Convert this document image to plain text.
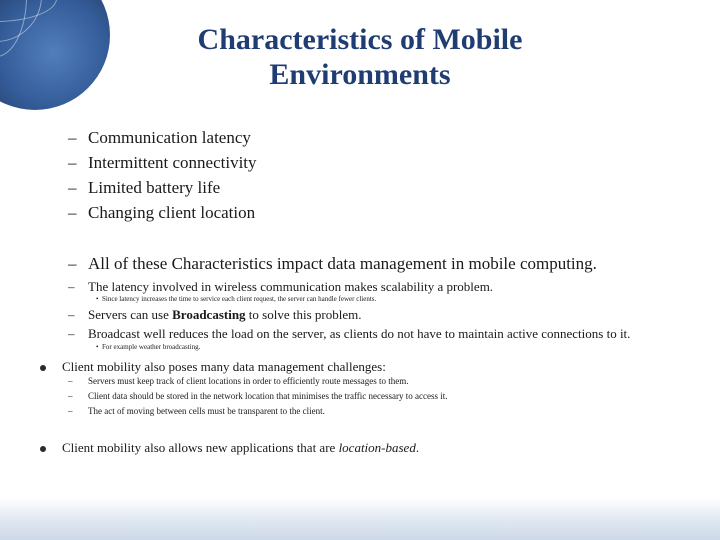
Characteristics of Mobile
Environments
– Communication latency
– Intermittent connectivity
– Limited battery life
– Changing client location
– All of these Characteristics impact data management in mobile computing.
– The latency involved in wireless communication makes scalability a problem.
• Since latency increases the time to service each client request, the server can handle fewer clients.
– Servers can use Broadcasting to solve this problem.
– Broadcast well reduces the load on the server, as clients do not have to maintain active connections to it.
• For example weather broadcasting.
Client mobility also poses many data management challenges:
– Servers must keep track of client locations in order to efficiently route messages to them.
– Client data should be stored in the network location that minimises the traffic necessary to access it.
– The act of moving between cells must be transparent to the client.
Client mobility also allows new applications that are location-based.
